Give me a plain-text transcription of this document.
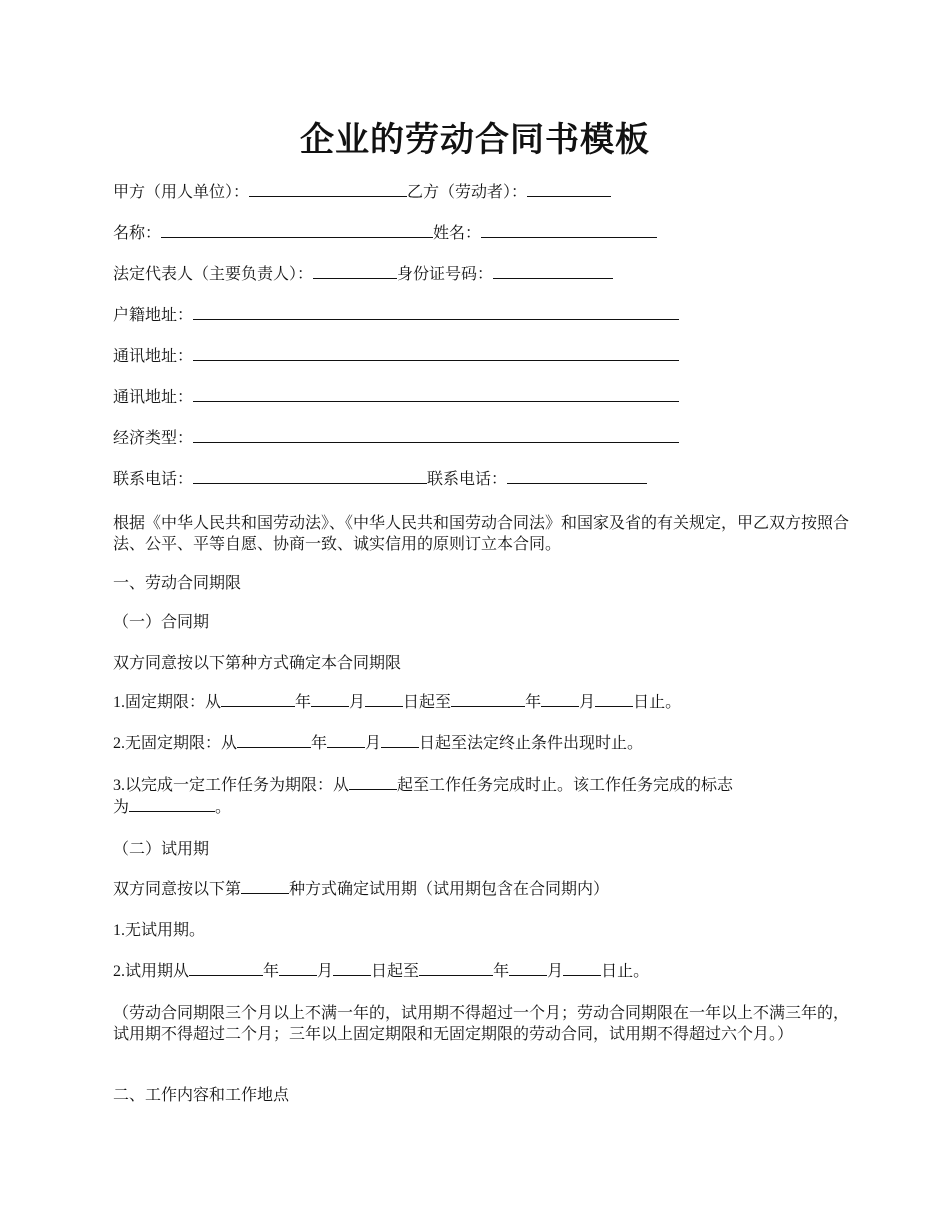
企业的劳动合同书模板

甲方（用人单位）：	乙方（劳动者）：

名称：	姓名：

法定代表人（主要负责人）：	身份证号码：

户籍地址：

通讯地址：

通讯地址：

经济类型：

联系电话：	联系电话：

根据《中华人民共和国劳动法》、《中华人民共和国劳动合同法》和国家及省的有关规定，甲乙双方按照合法、公平、平等自愿、协商一致、诚实信用的原则订立本合同。

一、劳动合同期限

（一）合同期

双方同意按以下第种方式确定本合同期限

1.固定期限：从	年 月 日起至	年 月 日止。

2.无固定期限：从	年 月 日起至法定终止条件出现时止。

3.以完成一定工作任务为期限：从	起至工作任务完成时止。该工作任务完成的标志

为	。

（二）试用期

双方同意按以下第	种方式确定试用期（试用期包含在合同期内）

1.无试用期。

2.试用期从	年 月 日起至	年 月 日止。

（劳动合同期限三个月以上不满一年的，试用期不得超过一个月；劳动合同期限在一年以上不满三年的，试用期不得超过二个月；三年以上固定期限和无固定期限的劳动合同，试用期不得超过六个月。）

二、工作内容和工作地点
